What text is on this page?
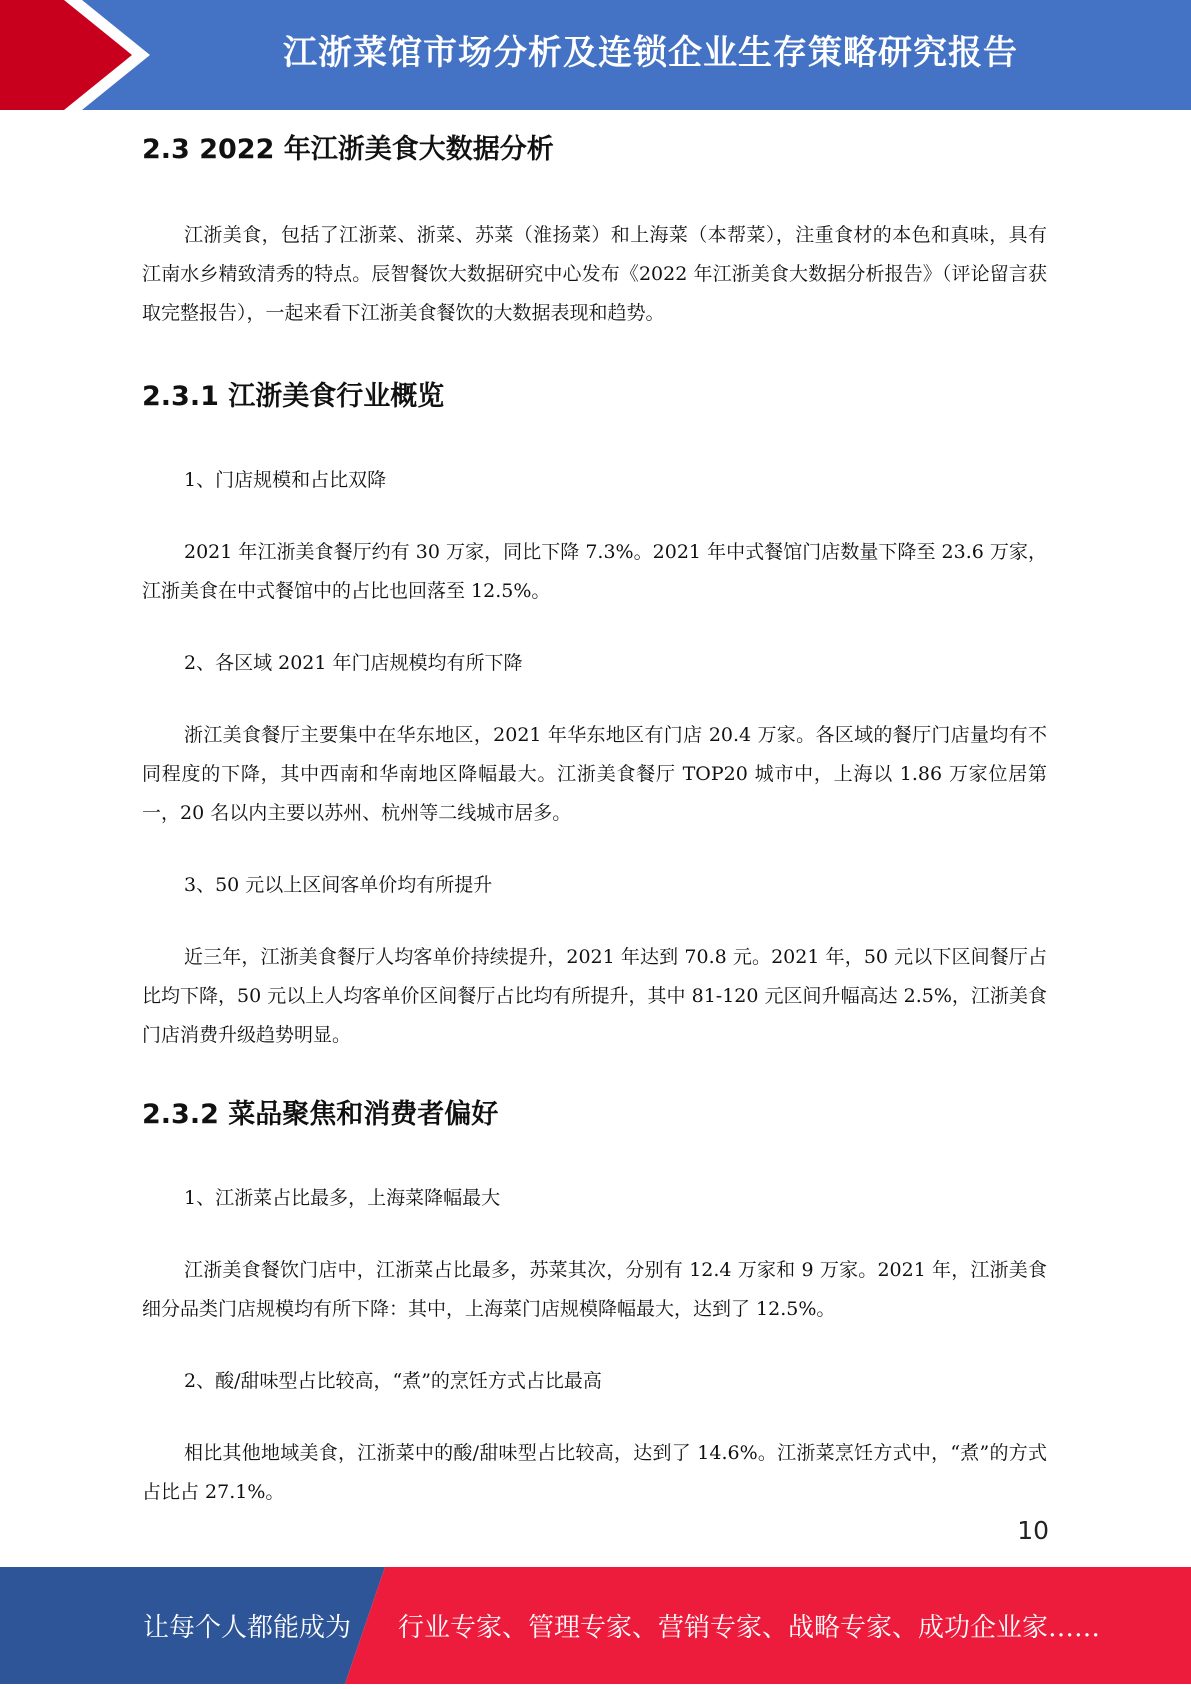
江浙菜馆市场分析及连锁企业生存策略研究报告
2.3 2022 年江浙美食大数据分析

江浙美食，包括了江浙菜、浙菜、苏菜（淮扬菜）和上海菜（本帮菜），注重食材的本色和真味，具有江南水乡精致清秀的特点。辰智餐饮大数据研究中心发布《2022 年江浙美食大数据分析报告》（评论留言获取完整报告），一起来看下江浙美食餐饮的大数据表现和趋势。

2.3.1 江浙美食行业概览

1、门店规模和占比双降

2021 年江浙美食餐厅约有 30 万家，同比下降 7.3%。2021 年中式餐馆门店数量下降至 23.6 万家，江浙美食在中式餐馆中的占比也回落至 12.5%。

2、各区域 2021 年门店规模均有所下降

浙江美食餐厅主要集中在华东地区，2021 年华东地区有门店 20.4 万家。各区域的餐厅门店量均有不同程度的下降，其中西南和华南地区降幅最大。江浙美食餐厅 TOP20 城市中，上海以 1.86 万家位居第一，20 名以内主要以苏州、杭州等二线城市居多。

3、50 元以上区间客单价均有所提升

近三年，江浙美食餐厅人均客单价持续提升，2021 年达到 70.8 元。2021 年，50 元以下区间餐厅占比均下降，50 元以上人均客单价区间餐厅占比均有所提升，其中 81-120 元区间升幅高达 2.5%，江浙美食门店消费升级趋势明显。

2.3.2 菜品聚焦和消费者偏好

1、江浙菜占比最多，上海菜降幅最大

江浙美食餐饮门店中，江浙菜占比最多，苏菜其次，分别有 12.4 万家和 9 万家。2021 年，江浙美食细分品类门店规模均有所下降：其中，上海菜门店规模降幅最大，达到了 12.5%。

2、酸/甜味型占比较高，“煮”的烹饪方式占比最高

相比其他地域美食，江浙菜中的酸/甜味型占比较高，达到了 14.6%。江浙菜烹饪方式中，“煮”的方式占比占 27.1%。

10
让每个人都能成为 行业专家、管理专家、营销专家、战略专家、成功企业家……
